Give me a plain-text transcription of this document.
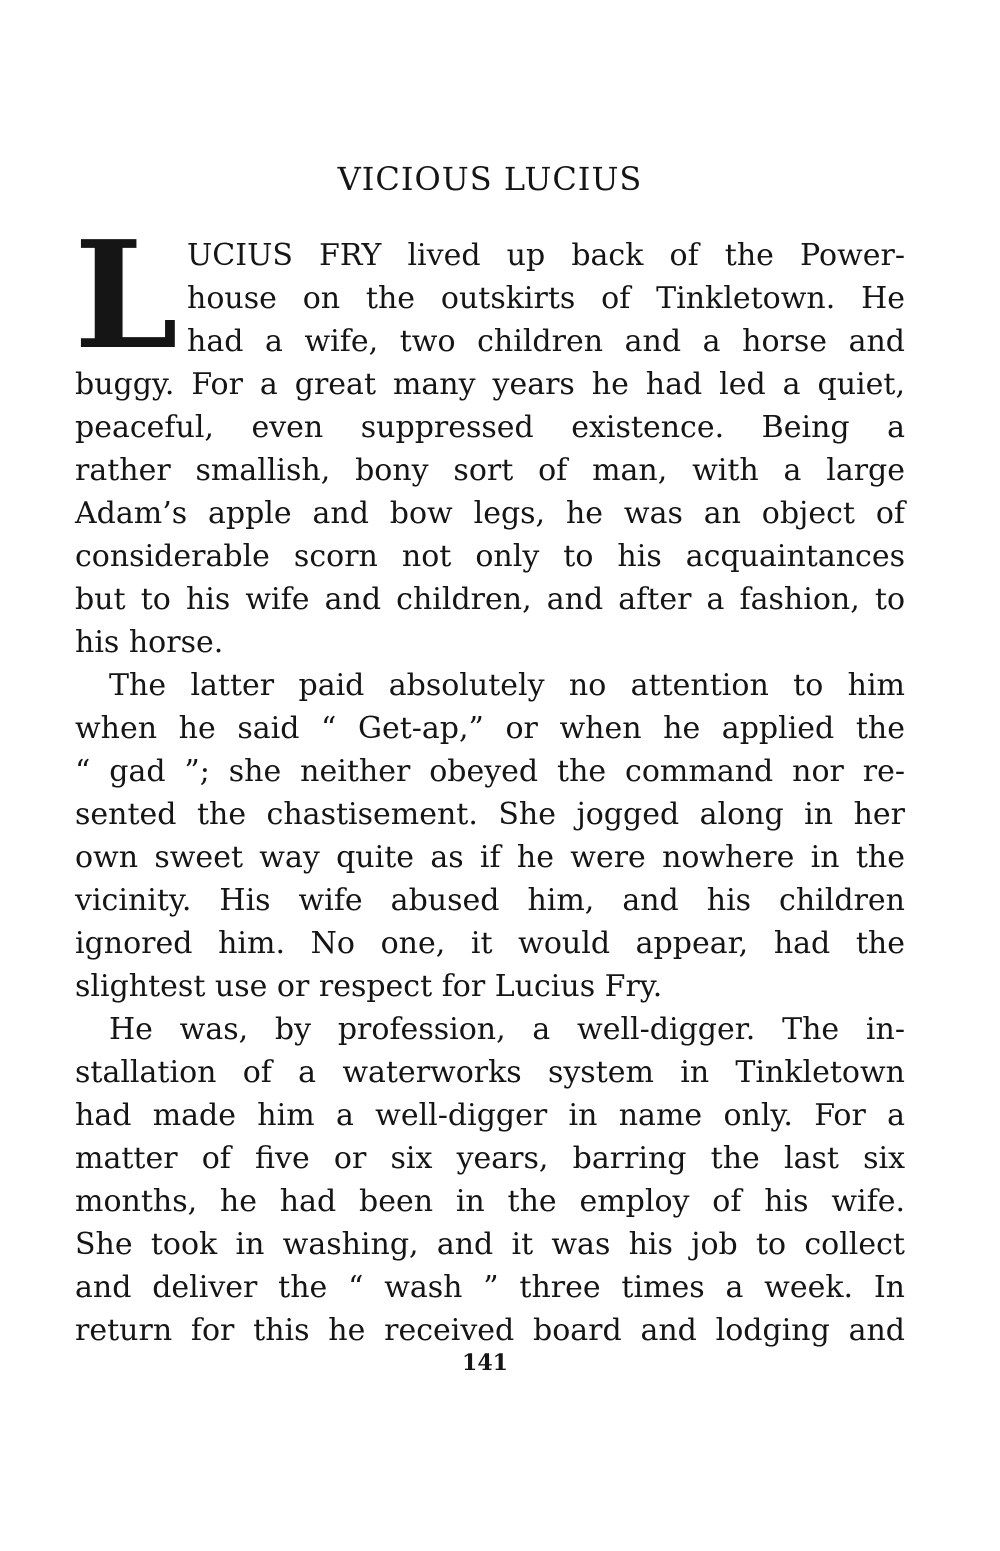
VICIOUS LUCIUS
L UCIUS FRY lived up back of the Power-
house on the outskirts of Tinkletown. He
had a wife, two children and a horse and
buggy. For a great many years he had led a quiet,
peaceful, even suppressed existence. Being a
rather smallish, bony sort of man, with a large
Adam’s apple and bow legs, he was an object of
considerable scorn not only to his acquaintances
but to his wife and children, and after a fashion, to
his horse.
The latter paid absolutely no attention to him
when he said “ Get-ap,” or when he applied the
“ gad ”; she neither obeyed the command nor re-
sented the chastisement. She jogged along in her
own sweet way quite as if he were nowhere in the
vicinity. His wife abused him, and his children
ignored him. No one, it would appear, had the
slightest use or respect for Lucius Fry.
He was, by profession, a well-digger. The in-
stallation of a waterworks system in Tinkletown
had made him a well-digger in name only. For a
matter of five or six years, barring the last six
months, he had been in the employ of his wife.
She took in washing, and it was his job to collect
and deliver the “ wash ” three times a week. In
return for this he received board and lodging and
141
